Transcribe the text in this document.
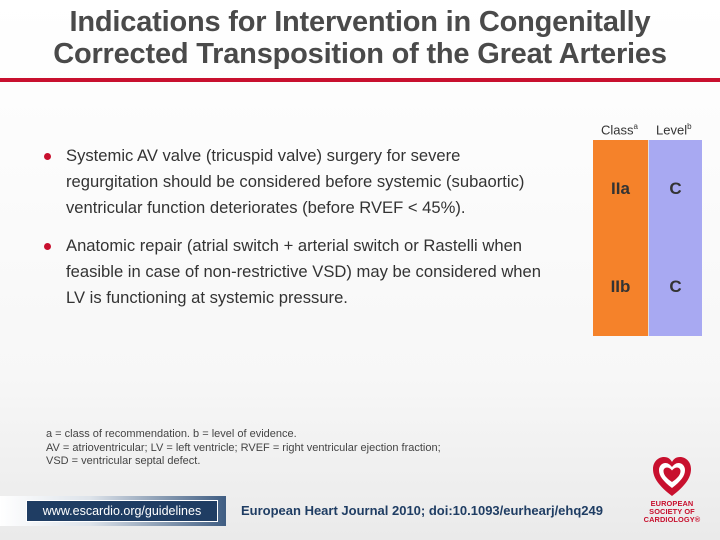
Indications for Intervention in Congenitally
Corrected Transposition of the Great Arteries
Systemic AV valve (tricuspid valve) surgery for severe regurgitation should be considered before systemic (subaortic) ventricular function deteriorates (before RVEF < 45%).
Anatomic repair (atrial switch + arterial switch or Rastelli when feasible in case of non-restrictive VSD) may be considered when LV is functioning at systemic pressure.
Class$^a$ Level$^b$
IIa
IIb
C
C
a = class of recommendation. b = level of evidence.
AV = atrioventricular; LV = left ventricle; RVEF = right ventricular ejection fraction;
VSD = ventricular septal defect.
www.escardio.org/guidelines	European Heart Journal 2010; doi:10.1093/eurhearj/ehq249	EUROPEAN
SOCIETY OF
CARDIOLOGY®
